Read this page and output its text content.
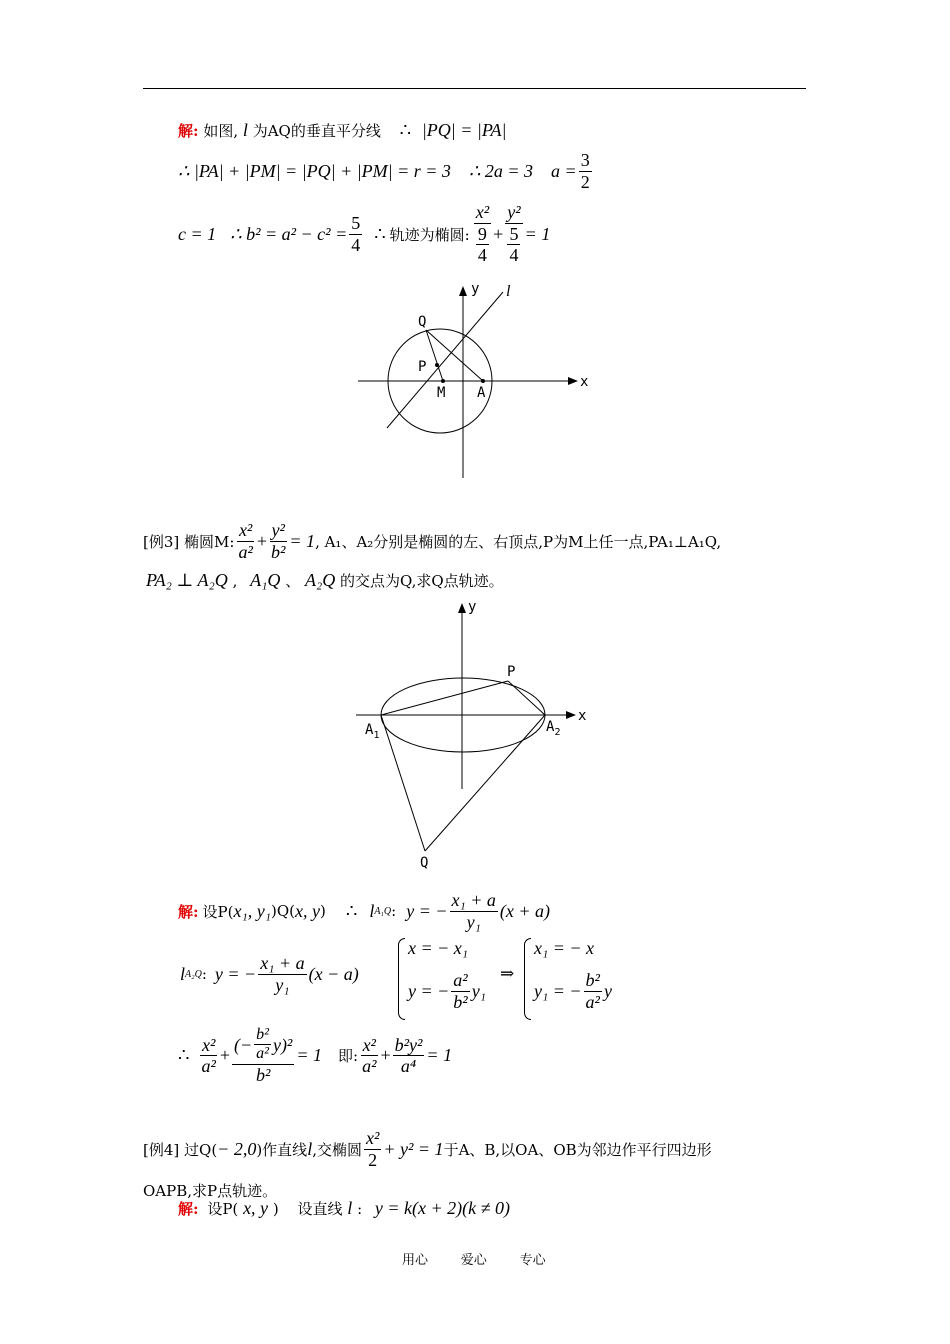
解: 如图, l 为AQ的垂直平分线 ∴ |PQ| = |PA|
∴ |PA| + |PM| = |PQ| + |PM| = r = 3 ∴ 2a = 3 $a = \frac{3}{2}$
c = 1 ∴ $b^2 = a^2 - c^2 = \frac{5}{4}$ ∴ 轨迹为椭圆: $\frac{\text{x²}}{\frac{9}{4}} + \frac{\text{y²}}{\frac{5}{4}} = 1$
y l
x
Q
P
M A
[例3] 椭圆M: $\frac{\text{x²}}{\text{a²}} + \frac{\text{y²}}{\text{b²}} = 1$ , A₁、A₂分别是椭圆的左、右顶点,P为M上任一点,PA₁⊥A₁Q,
PA₂ ⊥ A₂Q , A₁Q 、 A₂Q 的交点为Q,求Q点轨迹。
y
x
P
$A_1$
$A_2$
Q
解: 设P( x₁, y₁ )Q( x, y ) ∴ l A₁Q : y = − $\frac{\text{x₁ + a}}{\text{y₁}} (x + a)$
l A₂Q : y = − $\frac{\text{x₁ + a}}{\text{y₁}} (x - a)$
x = − x₁
y = − $\frac{\text{a²}}{\text{b²}} y_1$
⇒
x₁ = − x
y₁ = − $\frac{\text{b²}}{\text{a²}}$ y
∴ $\frac{\text{x²}}{\text{a²}} + \frac{(- \frac{\text{b²}}{\text{a²}} y)^2}{\text{b²}} = 1$ 即: $\frac{\text{x²}}{\text{a²}} + \frac{\text{b²y²}}{\text{a⁴}} = 1$
[例4] 过Q( − 2,0 )作直线 l ,交椭圆 $\frac{\text{x²}}{2} + y^2 = 1$ 于A、B,以OA、OB为邻边作平行四边形
OAPB,求P点轨迹。
解: 设P( x, y ) 设直线 l : y = k(x + 2)(k ≠ 0)
用心	爱心	专心
